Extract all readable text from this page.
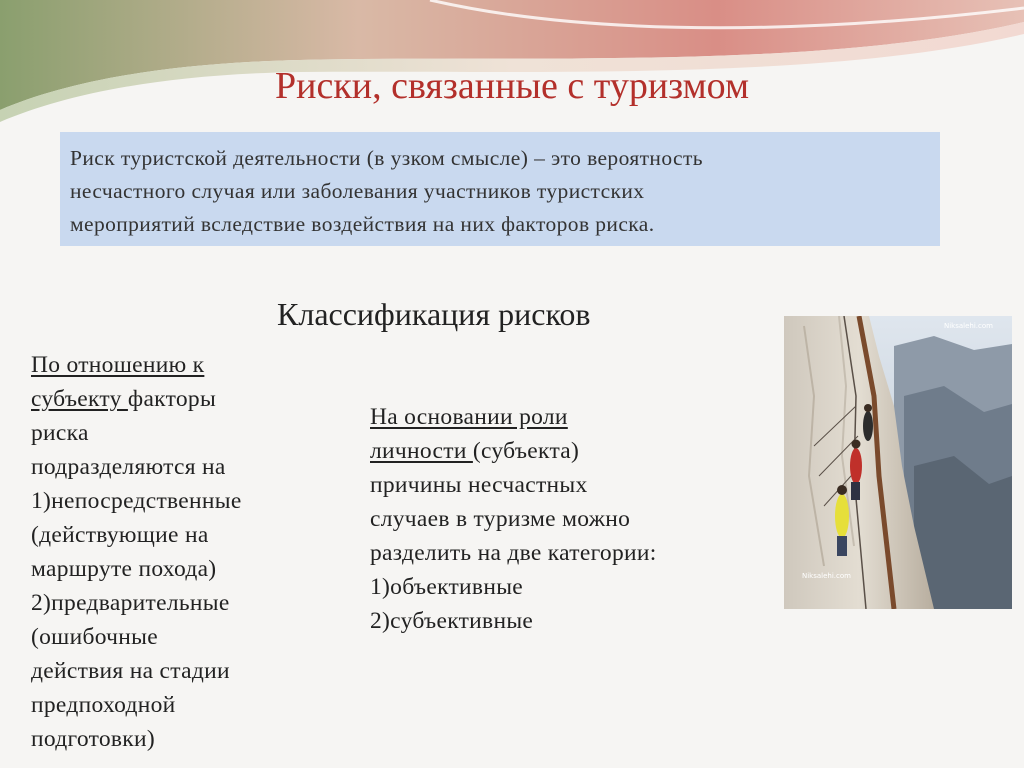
Риски, связанные с туризмом
Риск туристской деятельности (в узком смысле) – это вероятность
несчастного случая или заболевания участников туристских
мероприятий вследствие воздействия на них факторов риска.
Классификация рисков
По отношению к
субъекту факторы
риска
подразделяются на
1)непосредственные
(действующие на
маршруте похода)
2)предварительные
(ошибочные
действия на стадии
предпоходной
подготовки)
На основании роли
личности (субъекта)
причины несчастных
случаев в туризме можно
разделить на две категории:
1)объективные
2)субъективные
Niksalehi.com
Niksalehi.com
